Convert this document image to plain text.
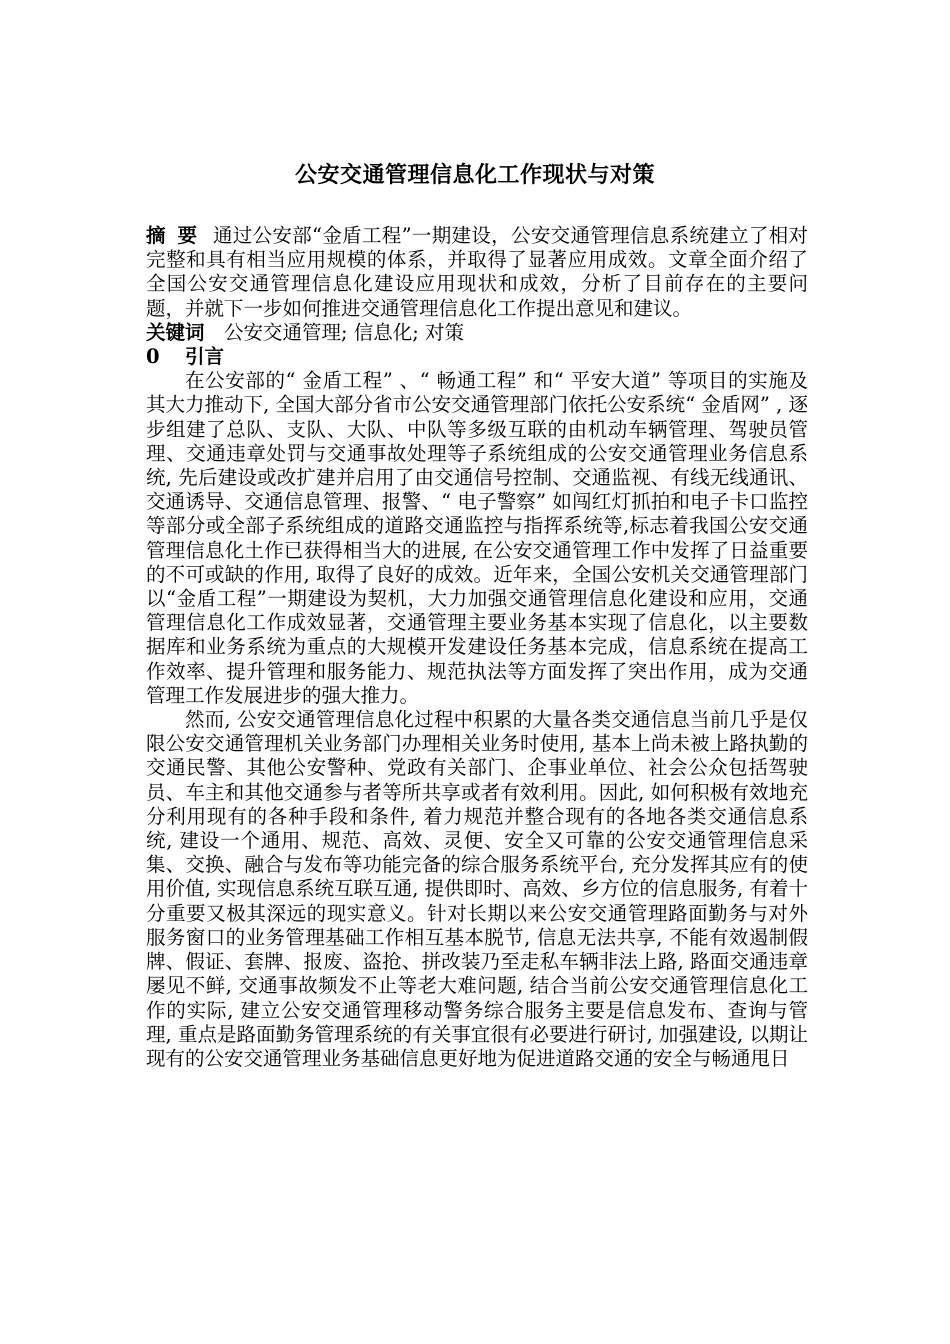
公安交通管理信息化工作现状与对策

摘要 通过公安部“金盾工程”一期建设，公安交通管理信息系统建立了相对完整和具有相当应用规模的体系，并取得了显著应用成效。文章全面介绍了全国公安交通管理信息化建设应用现状和成效，分析了目前存在的主要问题，并就下一步如何推进交通管理信息化工作提出意见和建议。

关键词 公安交通管理; 信息化; 对策

0 引言

在公安部的“ 金盾工程” 、“ 畅通工程” 和“ 平安大道” 等项目的实施及其大力推动下, 全国大部分省市公安交通管理部门依托公安系统“ 金盾网” , 逐步组建了总队、支队、大队、中队等多级互联的由机动车辆管理、驾驶员管理、交通违章处罚与交通事故处理等子系统组成的公安交通管理业务信息系统, 先后建设或改扩建并启用了由交通信号控制、交通监视、有线无线通讯、交通诱导、交通信息管理、报警、“ 电子警察” 如闯红灯抓拍和电子卡口监控等部分或全部子系统组成的道路交通监控与指挥系统等,标志着我国公安交通管理信息化土作已获得相当大的进展, 在公安交通管理工作中发挥了日益重要的不可或缺的作用, 取得了良好的成效。近年来，全国公安机关交通管理部门以“金盾工程”一期建设为契机，大力加强交通管理信息化建设和应用，交通管理信息化工作成效显著，交通管理主要业务基本实现了信息化，以主要数据库和业务系统为重点的大规模开发建设任务基本完成，信息系统在提高工作效率、提升管理和服务能力、规范执法等方面发挥了突出作用，成为交通管理工作发展进步的强大推力。

然而, 公安交通管理信息化过程中积累的大量各类交通信息当前几乎是仅限公安交通管理机关业务部门办理相关业务时使用, 基本上尚未被上路执勤的交通民警、其他公安警种、党政有关部门、企事业单位、社会公众包括驾驶员、车主和其他交通参与者等所共享或者有效利用。因此, 如何积极有效地充分利用现有的各种手段和条件, 着力规范并整合现有的各地各类交通信息系统, 建设一个通用、规范、高效、灵便、安全又可靠的公安交通管理信息采集、交换、融合与发布等功能完备的综合服务系统平台, 充分发挥其应有的使用价值, 实现信息系统互联互通, 提供即时、高效、乡方位的信息服务, 有着十分重要又极其深远的现实意义。针对长期以来公安交通管理路面勤务与对外服务窗口的业务管理基础工作相互基本脱节, 信息无法共享, 不能有效遏制假牌、假证、套牌、报废、盗抢、拼改装乃至走私车辆非法上路, 路面交通违章屡见不鲜, 交通事故频发不止等老大难问题, 结合当前公安交通管理信息化工作的实际, 建立公安交通管理移动警务综合服务主要是信息发布、查询与管理, 重点是路面勤务管理系统的有关事宜很有必要进行研讨, 加强建设, 以期让现有的公安交通管理业务基础信息更好地为促进道路交通的安全与畅通甩日
